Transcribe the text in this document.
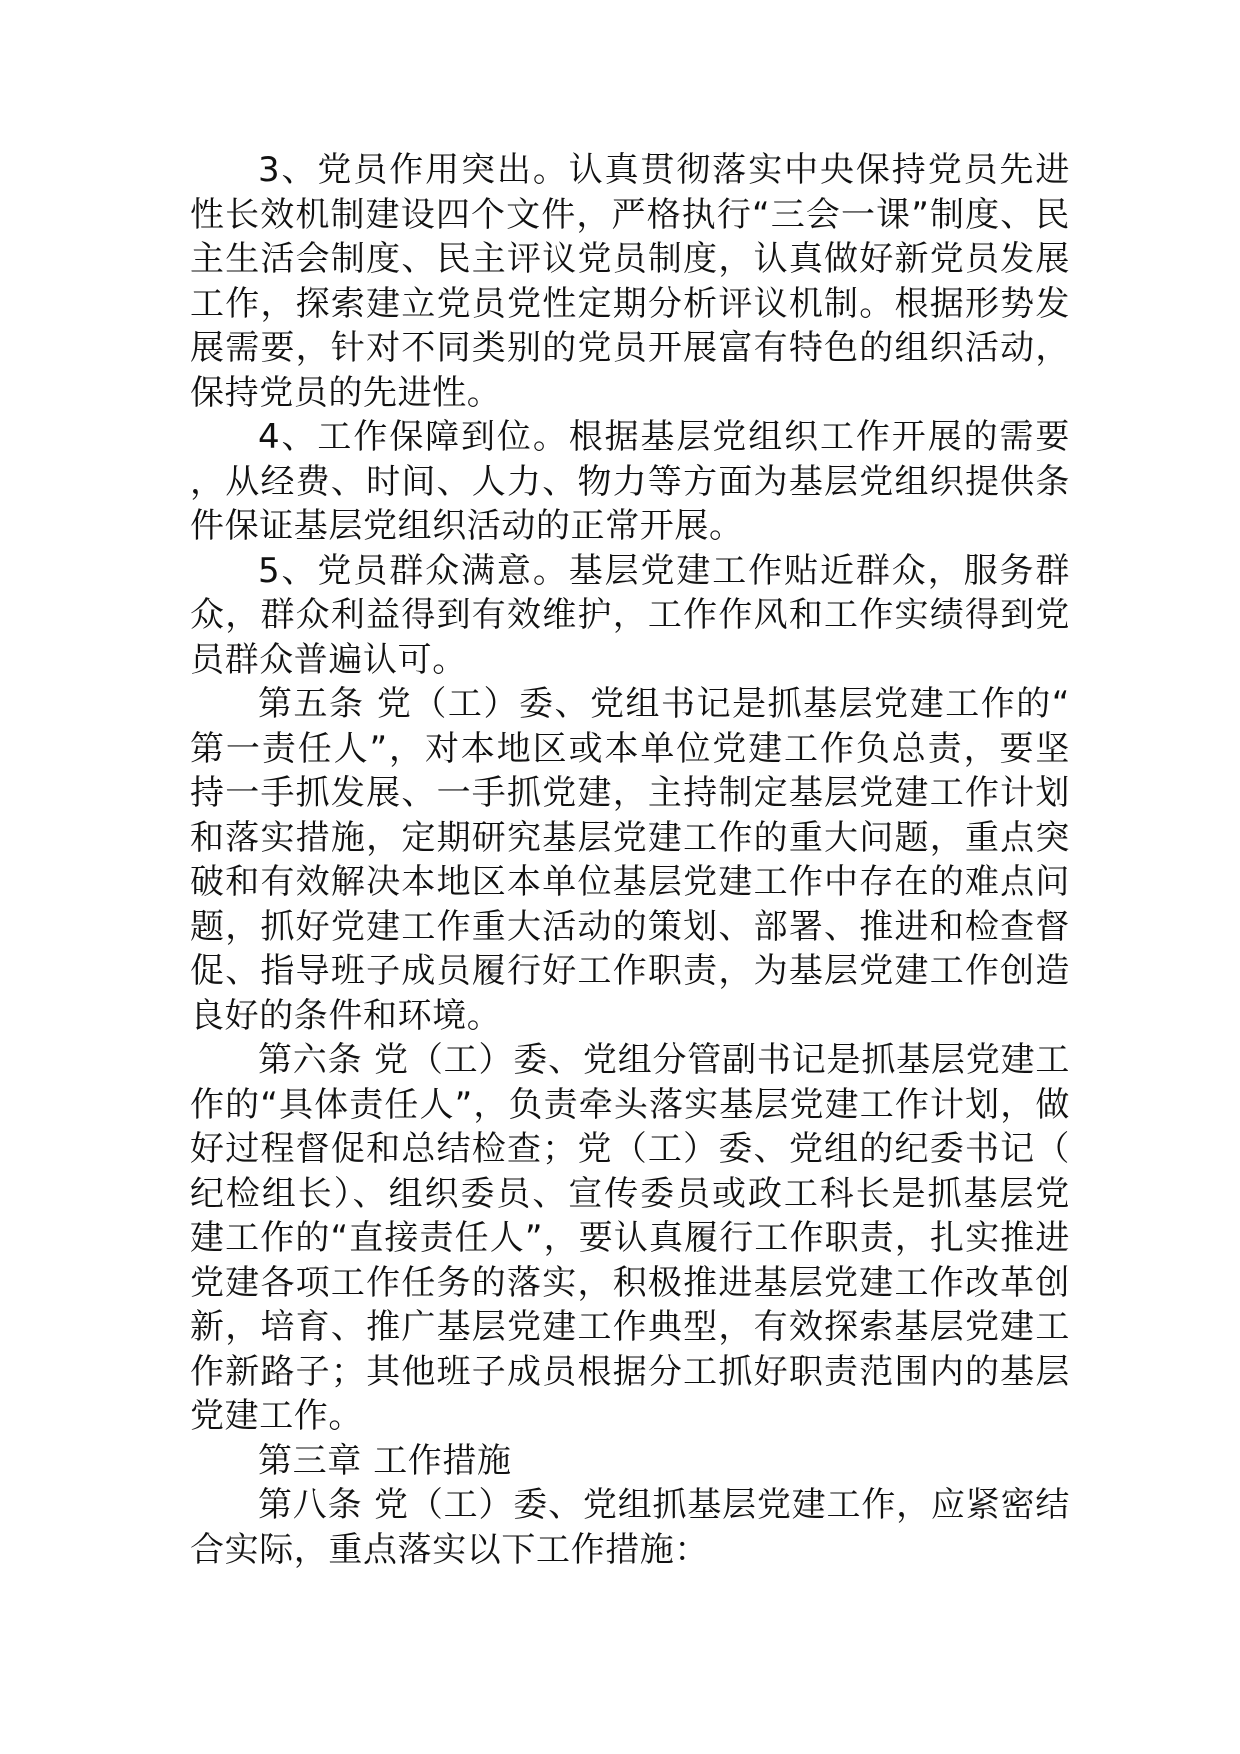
3、党员作用突出。认真贯彻落实中央保持党员先进性长效机制建设四个文件，严格执行“三会一课”制度、民主生活会制度、民主评议党员制度，认真做好新党员发展工作，探索建立党员党性定期分析评议机制。根据形势发展需要，针对不同类别的党员开展富有特色的组织活动，保持党员的先进性。

4、工作保障到位。根据基层党组织工作开展的需要，从经费、时间、人力、物力等方面为基层党组织提供条件保证基层党组织活动的正常开展。

5、党员群众满意。基层党建工作贴近群众，服务群众，群众利益得到有效维护，工作作风和工作实绩得到党员群众普遍认可。

第五条 党（工）委、党组书记是抓基层党建工作的“第一责任人”，对本地区或本单位党建工作负总责，要坚持一手抓发展、一手抓党建，主持制定基层党建工作计划和落实措施，定期研究基层党建工作的重大问题，重点突破和有效解决本地区本单位基层党建工作中存在的难点问题，抓好党建工作重大活动的策划、部署、推进和检查督促、指导班子成员履行好工作职责，为基层党建工作创造良好的条件和环境。

第六条 党（工）委、党组分管副书记是抓基层党建工作的“具体责任人”，负责牵头落实基层党建工作计划，做好过程督促和总结检查；党（工）委、党组的纪委书记（纪检组长）、组织委员、宣传委员或政工科长是抓基层党建工作的“直接责任人”，要认真履行工作职责，扎实推进党建各项工作任务的落实，积极推进基层党建工作改革创新，培育、推广基层党建工作典型，有效探索基层党建工作新路子；其他班子成员根据分工抓好职责范围内的基层党建工作。

第三章 工作措施

第八条 党（工）委、党组抓基层党建工作，应紧密结合实际，重点落实以下工作措施：
